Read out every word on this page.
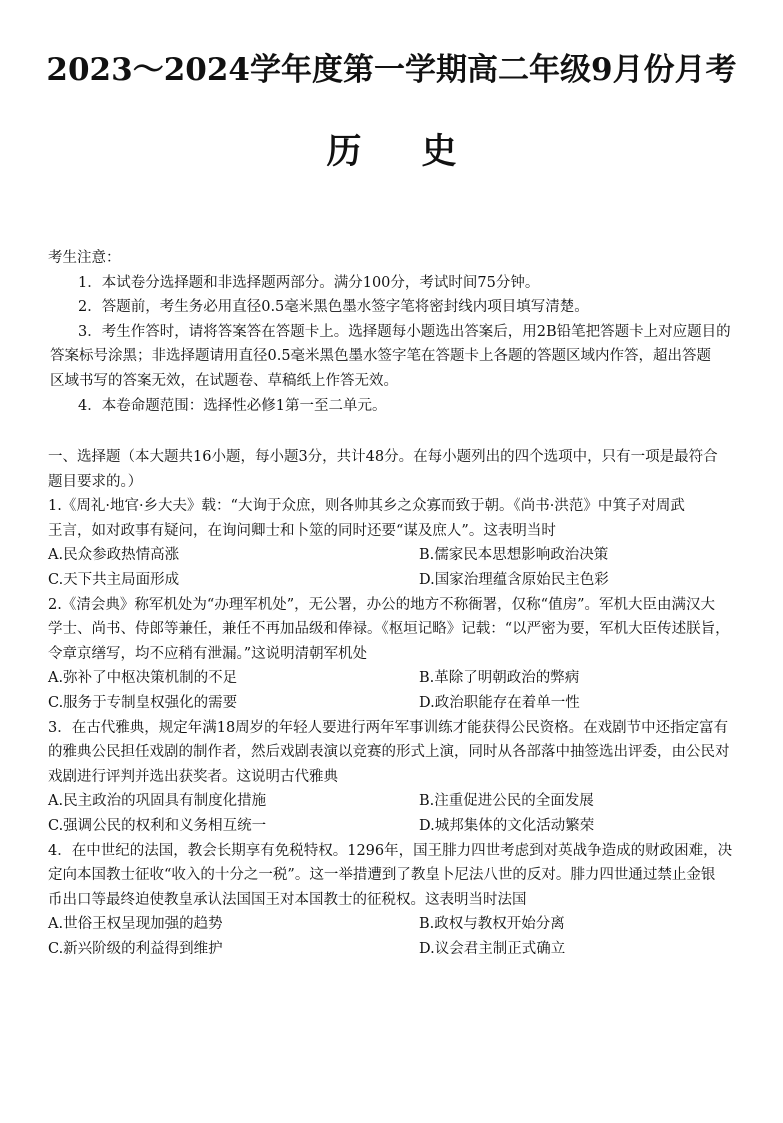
2023～2024学年度第一学期高二年级9月份月考
历 史
考生注意：
1．本试卷分选择题和非选择题两部分。满分100分，考试时间75分钟。
2．答题前，考生务必用直径0.5毫米黑色墨水签字笔将密封线内项目填写清楚。
3．考生作答时，请将答案答在答题卡上。选择题每小题选出答案后，用2B铅笔把答题卡上对应题目的
答案标号涂黑；非选择题请用直径0.5毫米黑色墨水签字笔在答题卡上各题的答题区域内作答，超出答题
区域书写的答案无效，在试题卷、草稿纸上作答无效。
4．本卷命题范围：选择性必修1第一至二单元。
一、选择题（本大题共16小题，每小题3分，共计48分。在每小题列出的四个选项中，只有一项是最符合
题目要求的。）
1.《周礼·地官·乡大夫》载：“大询于众庶，则各帅其乡之众寡而致于朝。《尚书·洪范》中箕子对周武
王言，如对政事有疑问，在询问卿士和卜筮的同时还要“谋及庶人”。这表明当时
A.民众参政热情高涨	B.儒家民本思想影响政治决策
C.天下共主局面形成	D.国家治理蕴含原始民主色彩
2.《清会典》称军机处为“办理军机处”，无公署，办公的地方不称衙署，仅称“值房”。军机大臣由满汉大
学士、尚书、侍郎等兼任，兼任不再加品级和俸禄。《枢垣记略》记载：“以严密为要，军机大臣传述朕旨，
令章京缮写，均不应稍有泄漏。”这说明清朝军机处
A.弥补了中枢决策机制的不足	B.革除了明朝政治的弊病
C.服务于专制皇权强化的需要	D.政治职能存在着单一性
3．在古代雅典，规定年满18周岁的年轻人要进行两年军事训练才能获得公民资格。在戏剧节中还指定富有
的雅典公民担任戏剧的制作者，然后戏剧表演以竞赛的形式上演，同时从各部落中抽签选出评委，由公民对
戏剧进行评判并选出获奖者。这说明古代雅典
A.民主政治的巩固具有制度化措施	B.注重促进公民的全面发展
C.强调公民的权利和义务相互统一	D.城邦集体的文化活动繁荣
4．在中世纪的法国，教会长期享有免税特权。1296年，国王腓力四世考虑到对英战争造成的财政困难，决
定向本国教士征收“收入的十分之一税”。这一举措遭到了教皇卜尼法八世的反对。腓力四世通过禁止金银
币出口等最终迫使教皇承认法国国王对本国教士的征税权。这表明当时法国
A.世俗王权呈现加强的趋势	B.政权与教权开始分离
C.新兴阶级的利益得到维护	D.议会君主制正式确立
